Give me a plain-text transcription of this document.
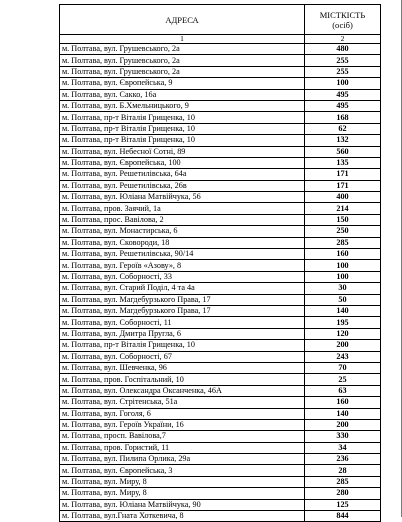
АДРЕСА	МІСТКІСТЬ
(осіб)
1	2
м. Полтава, вул. Грушевського, 2а	480
м. Полтава, вул. Грушевського, 2а	255
м. Полтава, вул. Грушевського, 2а	255
м. Полтава, вул. Європейська, 9	100
м. Полтава, вул. Сакко, 16а	495
м. Полтава, вул. Б.Хмельницького, 9	495
м. Полтава, пр-т Віталія Грищенка, 10	168
м. Полтава, пр-т Віталія Грищенка, 10	62
м. Полтава, пр-т Віталія Грищенка, 10	132
м. Полтава, вул. Небесної Сотні, 89	560
м. Полтава, вул. Європейська, 100	135
м. Полтава, вул. Решетилівська, 64а	171
м. Полтава, вул. Решетилівська, 26в	171
м. Полтава, вул. Юліана Матвійчука, 56	400
м. Полтава, пров. Заячий, 1а	214
м. Полтава, прос. Вавілова, 2	150
м. Полтава, вул. Монастирська, 6	250
м. Полтава, вул. Сковороди, 18	285
м. Полтава, вул. Решетилівська, 90/14	160
м. Полтава, вул. Героїв «Азову», 8	100
м. Полтава, вул. Соборності, 33	100
м. Полтава, вул. Старий Поділ, 4 та 4а	30
м. Полтава, вул. Магдебурзького Права, 17	50
м. Полтава, вул. Магдебурзького Права, 17	140
м. Полтава, вул. Соборності, 11	195
м. Полтава, вул. Дмитра Пругла, 6	120
м. Полтава, пр-т Віталія Грищенка, 10	200
м. Полтава, вул. Соборності, 67	243
м. Полтава, вул. Шевченка, 96	70
м. Полтава, пров. Госпітальний, 10	25
м. Полтава, вул. Олександра Оксанченка, 46А	63
м. Полтава, вул. Стрітенська, 51а	160
м. Полтава, вул. Гоголя, 6	140
м. Полтава, вул. Героїв України, 16	200
м. Полтава, просп. Вавілова,7	330
м. Полтава, пров. Гористий, 11	34
м. Полтава, вул. Пилипа Орлика, 29а	236
м. Полтава, вул. Європейська, 3	28
м. Полтава, вул. Миру, 8	285
м. Полтава, вул. Миру, 8	280
м. Полтава, вул. Юліана Матвійчука, 90	125
м. Полтава, вул.Гната Хоткевича, 8	844
